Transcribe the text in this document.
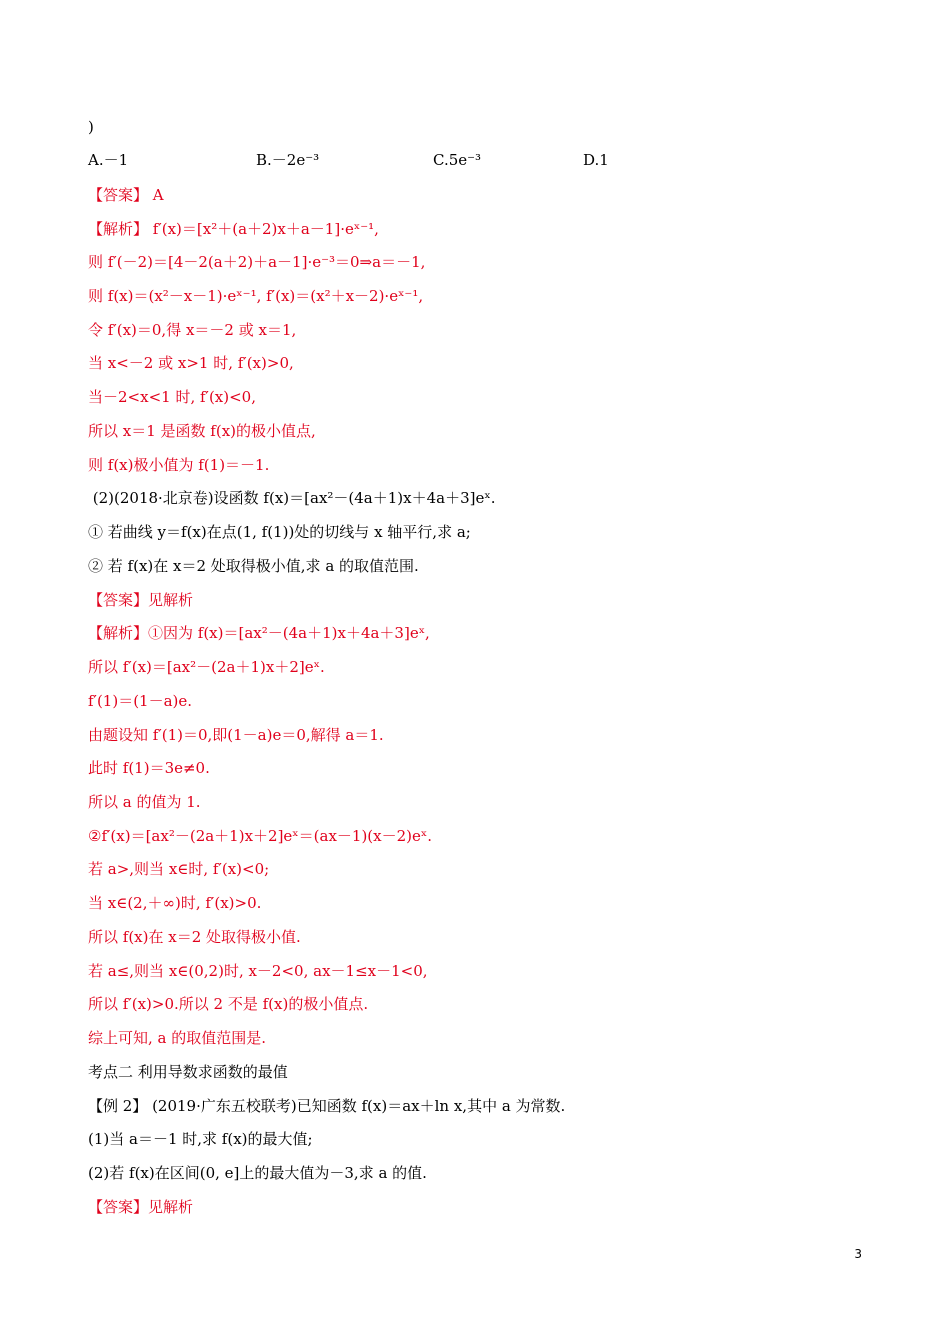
)
A.－1	B.－2e⁻³	C.5e⁻³	D.1
【答案】 A
【解析】 f′(x)＝[x²＋(a＋2)x＋a－1]·eˣ⁻¹,
则 f′(－2)＝[4－2(a＋2)＋a－1]·e⁻³＝0⇒a＝－1,
则 f(x)＝(x²－x－1)·eˣ⁻¹, f′(x)＝(x²＋x－2)·eˣ⁻¹,
令 f′(x)＝0,得 x＝－2 或 x＝1,
当 x<－2 或 x>1 时, f′(x)>0,
当－2<x<1 时, f′(x)<0,
所以 x＝1 是函数 f(x)的极小值点,
则 f(x)极小值为 f(1)＝－1.
(2)(2018·北京卷)设函数 f(x)＝[ax²－(4a＋1)x＋4a＋3]eˣ.
① 若曲线 y＝f(x)在点(1, f(1))处的切线与 x 轴平行,求 a;
② 若 f(x)在 x＝2 处取得极小值,求 a 的取值范围.
【答案】见解析
【解析】①因为 f(x)＝[ax²－(4a＋1)x＋4a＋3]eˣ,
所以 f′(x)＝[ax²－(2a＋1)x＋2]eˣ.
f′(1)＝(1－a)e.
由题设知 f′(1)＝0,即(1－a)e＝0,解得 a＝1.
此时 f(1)＝3e≠0.
所以 a 的值为 1.
②f′(x)＝[ax²－(2a＋1)x＋2]eˣ＝(ax－1)(x－2)eˣ.
若 a>,则当 x∈时, f′(x)<0;
当 x∈(2,＋∞)时, f′(x)>0.
所以 f(x)在 x＝2 处取得极小值.
若 a≤,则当 x∈(0,2)时, x－2<0, ax－1≤x－1<0,
所以 f′(x)>0.所以 2 不是 f(x)的极小值点.
综上可知, a 的取值范围是.
考点二 利用导数求函数的最值
【例 2】 (2019·广东五校联考)已知函数 f(x)＝ax＋ln x,其中 a 为常数.
(1)当 a＝－1 时,求 f(x)的最大值;
(2)若 f(x)在区间(0, e]上的最大值为－3,求 a 的值.
【答案】见解析
3
